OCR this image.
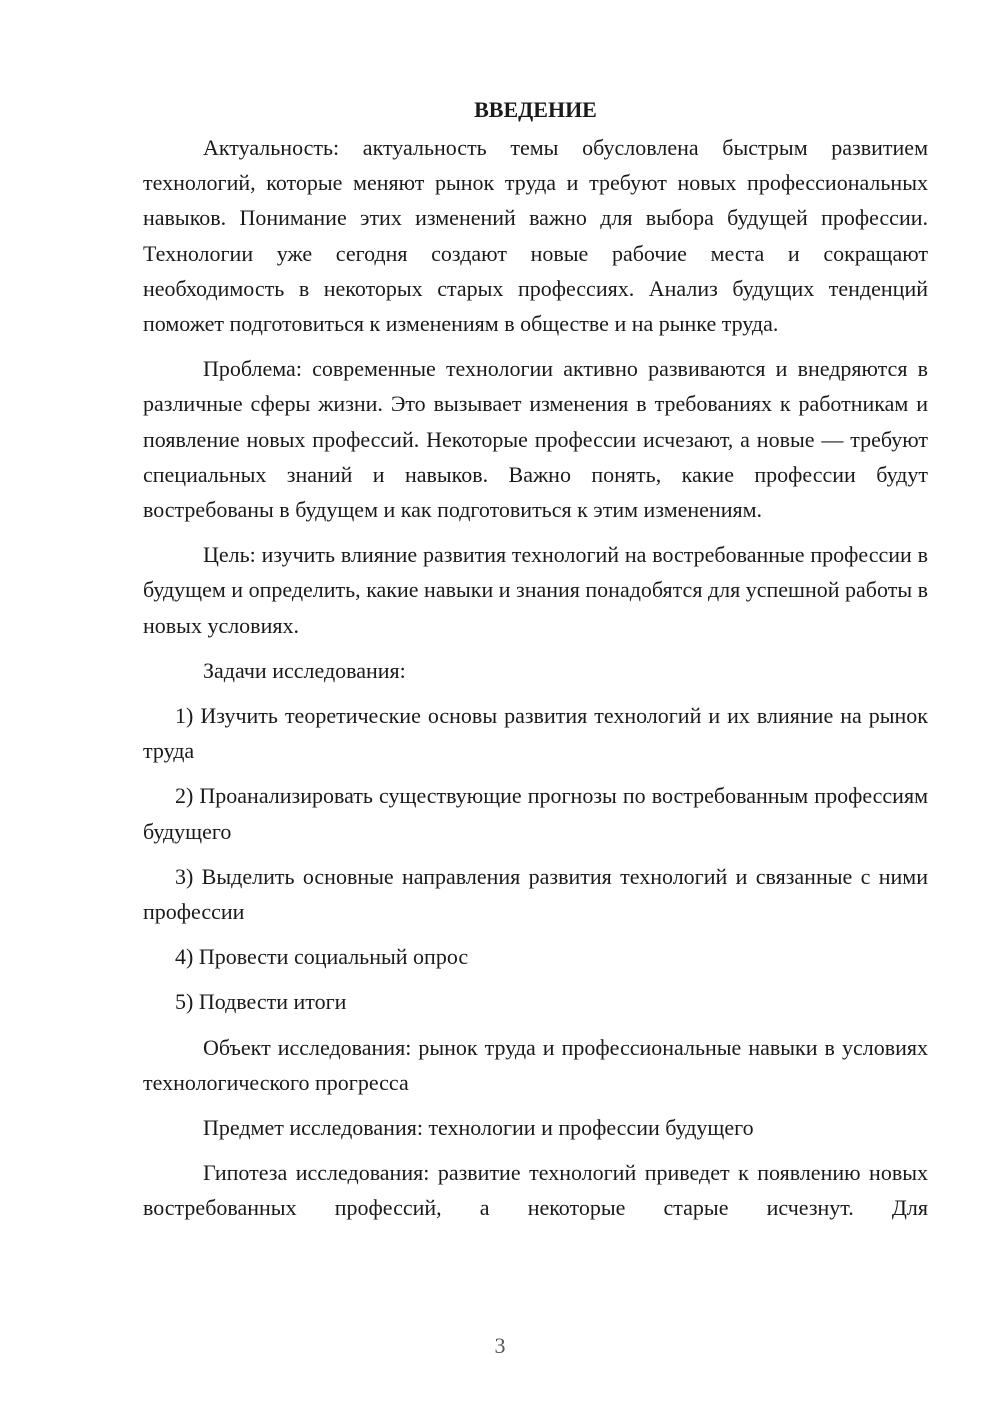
ВВЕДЕНИЕ

Актуальность: актуальность темы обусловлена быстрым развитием технологий, которые меняют рынок труда и требуют новых профессиональных навыков. Понимание этих изменений важно для выбора будущей профессии. Технологии уже сегодня создают новые рабочие места и сокращают необходимость в некоторых старых профессиях. Анализ будущих тенденций поможет подготовиться к изменениям в обществе и на рынке труда.

Проблема: современные технологии активно развиваются и внедряются в различные сферы жизни. Это вызывает изменения в требованиях к работникам и появление новых профессий. Некоторые профессии исчезают, а новые — требуют специальных знаний и навыков. Важно понять, какие профессии будут востребованы в будущем и как подготовиться к этим изменениям.

Цель: изучить влияние развития технологий на востребованные профессии в будущем и определить, какие навыки и знания понадобятся для успешной работы в новых условиях.

Задачи исследования:

1) Изучить теоретические основы развития технологий и их влияние на рынок труда

2) Проанализировать существующие прогнозы по востребованным профессиям будущего

3) Выделить основные направления развития технологий и связанные с ними профессии

4) Провести социальный опрос

5) Подвести итоги

Объект исследования: рынок труда и профессиональные навыки в условиях технологического прогресса

Предмет исследования: технологии и профессии будущего

Гипотеза исследования: развитие технологий приведет к появлению новых востребованных профессий, а некоторые старые исчезнут. Для

3
